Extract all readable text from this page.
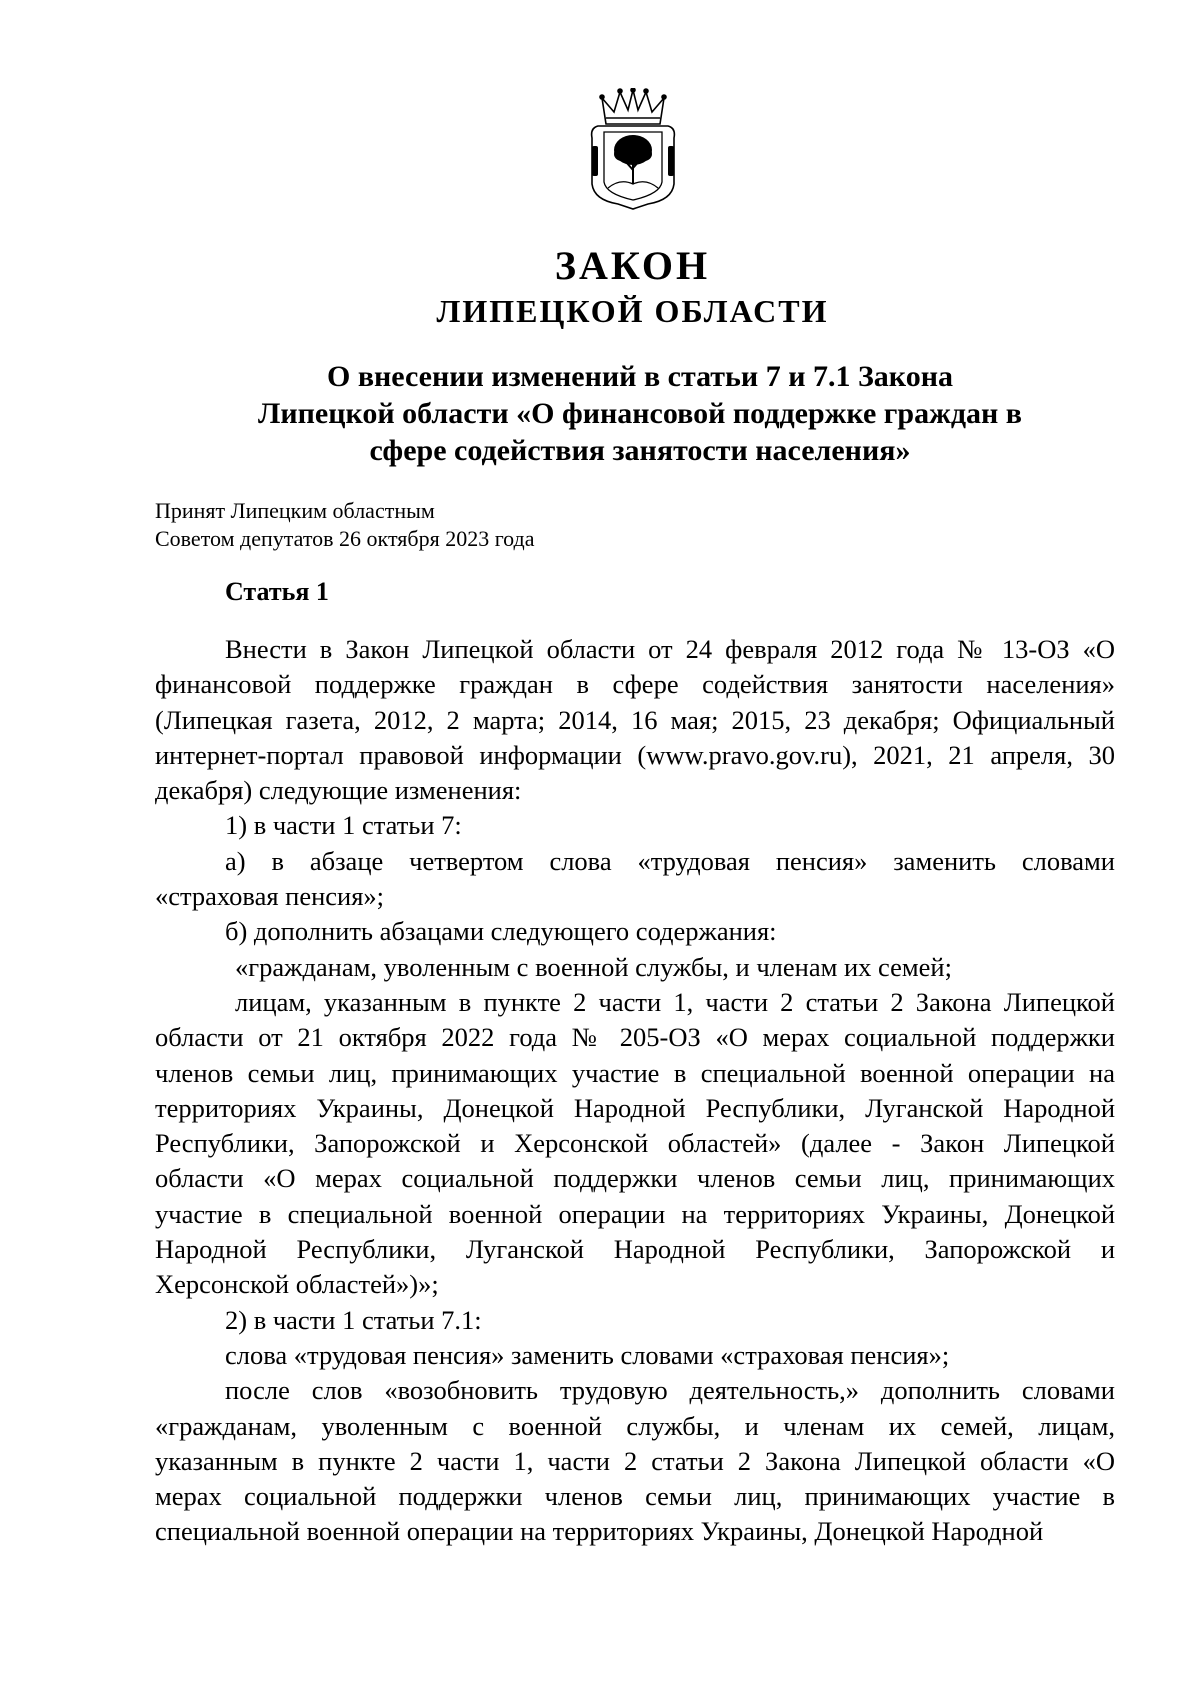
ЗАКОН
ЛИПЕЦКОЙ ОБЛАСТИ
О внесении изменений в статьи 7 и 7.1 Закона
Липецкой области «О финансовой поддержке граждан в
сфере содействия занятости населения»
Принят Липецким областным
Советом депутатов 26 октября 2023 года
Статья 1
Внести в Закон Липецкой области от 24 февраля 2012 года № 13-ОЗ «О
финансовой поддержке граждан в сфере содействия занятости населения»
(Липецкая газета, 2012, 2 марта; 2014, 16 мая; 2015, 23 декабря; Официальный
интернет-портал правовой информации (www.pravo.gov.ru), 2021, 21 апреля, 30
декабря) следующие изменения:
1) в части 1 статьи 7:
а) в абзаце четвертом слова «трудовая пенсия» заменить словами
«страховая пенсия»;
б) дополнить абзацами следующего содержания:
«гражданам, уволенным с военной службы, и членам их семей;
лицам, указанным в пункте 2 части 1, части 2 статьи 2 Закона Липецкой
области от 21 октября 2022 года № 205-ОЗ «О мерах социальной поддержки
членов семьи лиц, принимающих участие в специальной военной операции на
территориях Украины, Донецкой Народной Республики, Луганской Народной
Республики, Запорожской и Херсонской областей» (далее - Закон Липецкой
области «О мерах социальной поддержки членов семьи лиц, принимающих
участие в специальной военной операции на территориях Украины, Донецкой
Народной Республики, Луганской Народной Республики, Запорожской и
Херсонской областей»)»;
2) в части 1 статьи 7.1:
слова «трудовая пенсия» заменить словами «страховая пенсия»;
после слов «возобновить трудовую деятельность,» дополнить словами
«гражданам, уволенным с военной службы, и членам их семей, лицам,
указанным в пункте 2 части 1, части 2 статьи 2 Закона Липецкой области «О
мерах социальной поддержки членов семьи лиц, принимающих участие в
специальной военной операции на территориях Украины, Донецкой Народной
